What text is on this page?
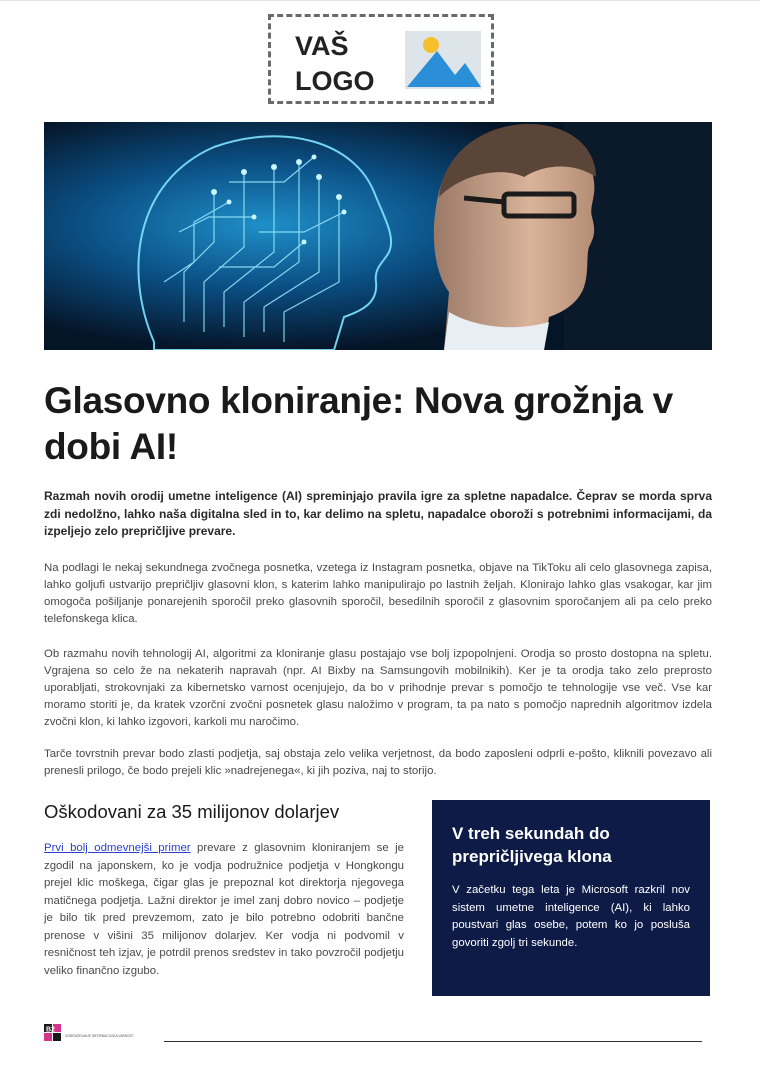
VAŠ
LOGO
Glasovno kloniranje: Nova grožnja v dobi AI!

Razmah novih orodij umetne inteligence (AI) spreminjajo pravila igre za spletne napadalce. Čeprav se morda sprva zdi nedolžno, lahko naša digitalna sled in to, kar delimo na spletu, napadalce oboroži s potrebnimi informacijami, da izpeljejo zelo prepričljive prevare.

Na podlagi le nekaj sekundnega zvočnega posnetka, vzetega iz Instagram posnetka, objave na TikToku ali celo glasovnega zapisa, lahko goljufi ustvarijo prepričljiv glasovni klon, s katerim lahko manipulirajo po lastnih željah. Klonirajo lahko glas vsakogar, kar jim omogoča pošiljanje ponarejenih sporočil preko glasovnih sporočil, besedilnih sporočil z glasovnim sporočanjem ali pa celo preko telefonskega klica.

Ob razmahu novih tehnologij AI, algoritmi za kloniranje glasu postajajo vse bolj izpopolnjeni. Orodja so prosto dostopna na spletu. Vgrajena so celo že na nekaterih napravah (npr. AI Bixby na Samsungovih mobilnikih). Ker je ta orodja tako zelo preprosto uporabljati, strokovnjaki za kibernetsko varnost ocenjujejo, da bo v prihodnje prevar s pomočjo te tehnologije vse več. Vse kar moramo storiti je, da kratek vzorčni zvočni posnetek glasu naložimo v program, ta pa nato s pomočjo naprednih algoritmov izdela zvočni klon, ki lahko izgovori, karkoli mu naročimo.

Tarče tovrstnih prevar bodo zlasti podjetja, saj obstaja zelo velika verjetnost, da bodo zaposleni odprli e-pošto, kliknili povezavo ali prenesli prilogo, če bodo prejeli klic »nadrejenega«, ki jih poziva, naj to storijo.

Oškodovani za 35 milijonov dolarjev

Prvi bolj odmevnejši primer prevare z glasovnim kloniranjem se je zgodil na japonskem, ko je vodja podružnice podjetja v Hongkongu prejel klic moškega, čigar glas je prepoznal kot direktorja njegovega matičnega podjetja. Lažni direktor je imel zanj dobro novico – podjetje je bilo tik pred prevzemom, zato je bilo potrebno odobriti bančne prenose v višini 35 milijonov dolarjev. Ker vodja ni podvomil v resničnost teh izjav, je potrdil prenos sredstev in tako povzročil podjetju veliko finančno izgubo.

V treh sekundah do prepričljivega klona

V začetku tega leta je Microsoft razkril nov sistem umetne inteligence (AI), ki lahko poustvari glas osebe, potem ko jo posluša govoriti zgolj tri sekunde.

B2
IZOBRAŽEVANJE INFORMACIJSKA VARNOST
